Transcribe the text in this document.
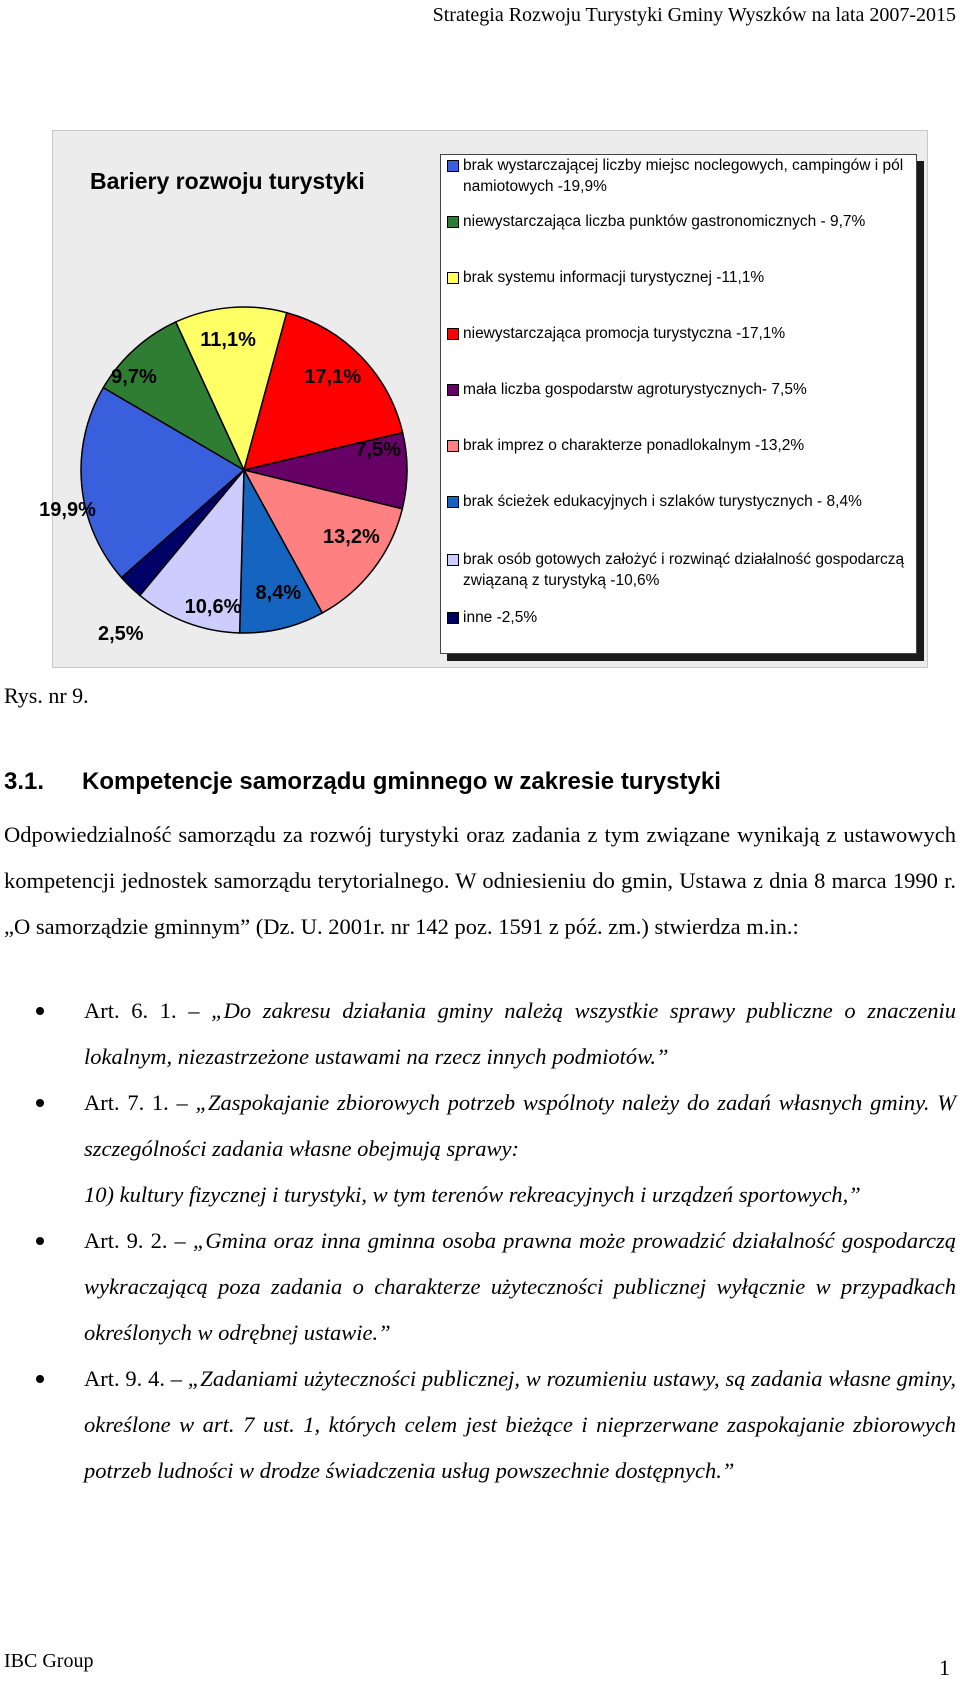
Strategia Rozwoju Turystyki Gminy Wyszków na lata 2007-2015
Bariery rozwoju turystyki
19,9%
9,7%
11,1%
17,1%
7,5%
13,2%
8,4%
10,6%
2,5%
brak wystarczającej liczby miejsc noclegowych, campingów i pól namiotowych -19,9%
niewystarczająca liczba punktów gastronomicznych - 9,7%
brak systemu informacji turystycznej -11,1%
niewystarczająca promocja turystyczna -17,1%
mała liczba gospodarstw agroturystycznych- 7,5%
brak imprez o charakterze ponadlokalnym -13,2%
brak ścieżek edukacyjnych i szlaków turystycznych - 8,4%
brak osób gotowych założyć i rozwinąć działalność gospodarczą związaną z turystyką -10,6%
inne -2,5%
Rys. nr 9.
3.1. Kompetencje samorządu gminnego w zakresie turystyki
Odpowiedzialność samorządu za rozwój turystyki oraz zadania z tym związane wynikają z ustawowych kompetencji jednostek samorządu terytorialnego. W odniesieniu do gmin, Ustawa z dnia 8 marca 1990 r. „O samorządzie gminnym” (Dz. U. 2001r. nr 142 poz. 1591 z póź. zm.) stwierdza m.in.:
Art. 6. 1. – „Do zakresu działania gminy należą wszystkie sprawy publiczne o znaczeniu lokalnym, niezastrzeżone ustawami na rzecz innych podmiotów.”
Art. 7. 1. – „Zaspokajanie zbiorowych potrzeb wspólnoty należy do zadań własnych gminy. W szczególności zadania własne obejmują sprawy:
10) kultury fizycznej i turystyki, w tym terenów rekreacyjnych i urządzeń sportowych,”
Art. 9. 2. – „Gmina oraz inna gminna osoba prawna może prowadzić działalność gospodarczą wykraczającą poza zadania o charakterze użyteczności publicznej wyłącznie w przypadkach określonych w odrębnej ustawie.”
Art. 9. 4. – „Zadaniami użyteczności publicznej, w rozumieniu ustawy, są zadania własne gminy, określone w art. 7 ust. 1, których celem jest bieżące i nieprzerwane zaspokajanie zbiorowych potrzeb ludności w drodze świadczenia usług powszechnie dostępnych.”
IBC Group	1
